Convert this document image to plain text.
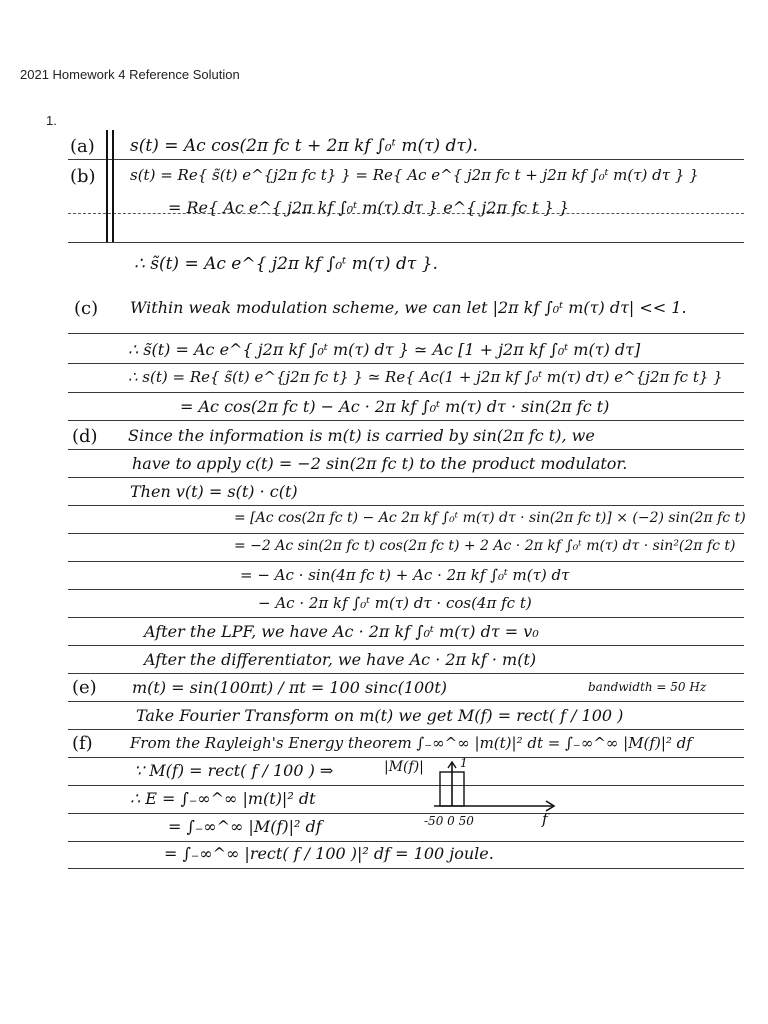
2021 Homework 4 Reference Solution
1.
(a) s(t) = Ac cos(2π fc t + 2π kf ∫₀ᵗ m(τ) dτ).
(b) s(t) = Re{ s̃(t) e^{j2π fc t} } = Re{ Ac e^{ j2π fc t + j2π kf ∫₀ᵗ m(τ) dτ } }
= Re{ Ac e^{ j2π kf ∫₀ᵗ m(τ) dτ } e^{ j2π fc t } }
∴ s̃(t) = Ac e^{ j2π kf ∫₀ᵗ m(τ) dτ }.
(c) Within weak modulation scheme, we can let |2π kf ∫₀ᵗ m(τ) dτ| << 1.
∴ s̃(t) = Ac e^{ j2π kf ∫₀ᵗ m(τ) dτ } ≃ Ac [1 + j2π kf ∫₀ᵗ m(τ) dτ]
∴ s(t) = Re{ s̃(t) e^{j2π fc t} } ≃ Re{ Ac(1 + j2π kf ∫₀ᵗ m(τ) dτ) e^{j2π fc t} }
= Ac cos(2π fc t) − Ac · 2π kf ∫₀ᵗ m(τ) dτ · sin(2π fc t)
(d) Since the information is m(t) is carried by sin(2π fc t), we
have to apply c(t) = −2 sin(2π fc t) to the product modulator.
Then v(t) = s(t) · c(t)
= [Ac cos(2π fc t) − Ac 2π kf ∫₀ᵗ m(τ) dτ · sin(2π fc t)] × (−2) sin(2π fc t)
= −2 Ac sin(2π fc t) cos(2π fc t) + 2 Ac · 2π kf ∫₀ᵗ m(τ) dτ · sin²(2π fc t)
= − Ac · sin(4π fc t) + Ac · 2π kf ∫₀ᵗ m(τ) dτ
− Ac · 2π kf ∫₀ᵗ m(τ) dτ · cos(4π fc t)
After the LPF, we have Ac · 2π kf ∫₀ᵗ m(τ) dτ = v₀
After the differentiator, we have Ac · 2π kf · m(t)
(e) m(t) = sin(100πt) / πt = 100 sinc(100t)	bandwidth = 50 Hz
Take Fourier Transform on m(t) we get M(f) = rect( f / 100 )
(f) From the Rayleigh's Energy theorem ∫₋∞^∞ |m(t)|² dt = ∫₋∞^∞ |M(f)|² df
∵ M(f) = rect( f / 100 ) ⇒
∴ E = ∫₋∞^∞ |m(t)|² dt
= ∫₋∞^∞ |M(f)|² df
= ∫₋∞^∞ |rect( f / 100 )|² df = 100 joule.
|M(f)|	1
f
-50 0 50
